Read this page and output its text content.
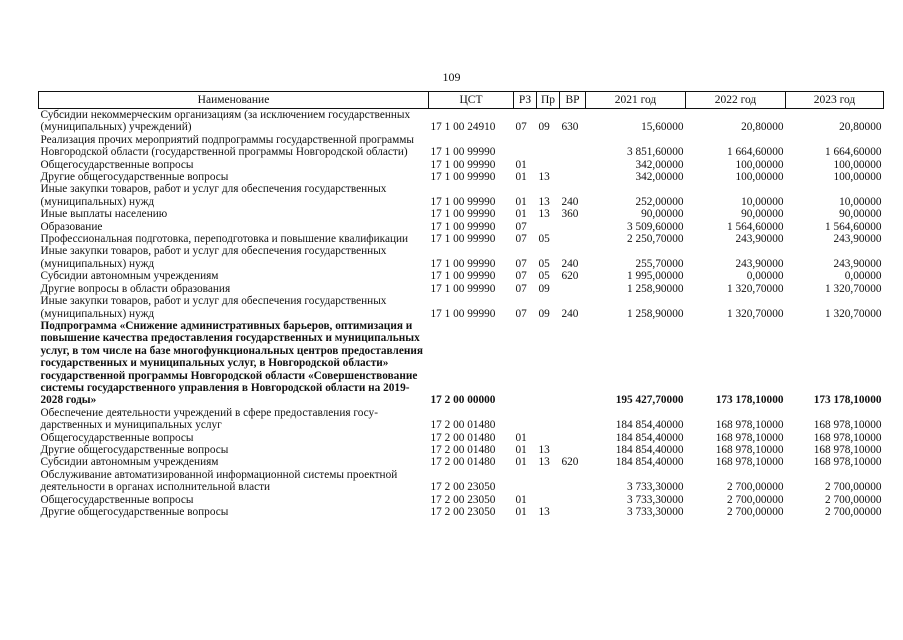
109
Наименование	ЦСТ	РЗ	Пр	ВР	2021 год	2022 год	2023 год
Субсидии некоммерческим организациям (за исключением государственных (муниципальных) учреждений)	17 1 00 24910	07	09	630	15,60000	20,80000	20,80000
Реализация прочих мероприятий подпрограммы государственной программы Новгородской области (государственной программы Новгородской области)	17 1 00 99990				3 851,60000	1 664,60000	1 664,60000
Общегосударственные вопросы	17 1 00 99990	01			342,00000	100,00000	100,00000
Другие общегосударственные вопросы	17 1 00 99990	01	13		342,00000	100,00000	100,00000
Иные закупки товаров, работ и услуг для обеспечения государственных (муниципальных) нужд	17 1 00 99990	01	13	240	252,00000	10,00000	10,00000
Иные выплаты населению	17 1 00 99990	01	13	360	90,00000	90,00000	90,00000
Образование	17 1 00 99990	07			3 509,60000	1 564,60000	1 564,60000
Профессиональная подготовка, переподготовка и повышение квалификации	17 1 00 99990	07	05		2 250,70000	243,90000	243,90000
Иные закупки товаров, работ и услуг для обеспечения государственных (муниципальных) нужд	17 1 00 99990	07	05	240	255,70000	243,90000	243,90000
Субсидии автономным учреждениям	17 1 00 99990	07	05	620	1 995,00000	0,00000	0,00000
Другие вопросы в области образования	17 1 00 99990	07	09		1 258,90000	1 320,70000	1 320,70000
Иные закупки товаров, работ и услуг для обеспечения государственных (муниципальных) нужд	17 1 00 99990	07	09	240	1 258,90000	1 320,70000	1 320,70000
Подпрограмма «Снижение административных барьеров, оптимизация и повышение качества предоставления государственных и муниципальных услуг, в том числе на базе многофункциональных центров предоставления государственных и муниципальных услуг, в Новгородской области» государственной программы Новгородской области «Совершенствование системы государственного управления в Новгородской области на 2019-2028 годы»	17 2 00 00000				195 427,70000	173 178,10000	173 178,10000
Обеспечение деятельности учреждений в сфере предоставления государственных и муниципальных услуг	17 2 00 01480				184 854,40000	168 978,10000	168 978,10000
Общегосударственные вопросы	17 2 00 01480	01			184 854,40000	168 978,10000	168 978,10000
Другие общегосударственные вопросы	17 2 00 01480	01	13		184 854,40000	168 978,10000	168 978,10000
Субсидии автономным учреждениям	17 2 00 01480	01	13	620	184 854,40000	168 978,10000	168 978,10000
Обслуживание автоматизированной информационной системы проектной деятельности в органах исполнительной власти	17 2 00 23050				3 733,30000	2 700,00000	2 700,00000
Общегосударственные вопросы	17 2 00 23050	01			3 733,30000	2 700,00000	2 700,00000
Другие общегосударственные вопросы	17 2 00 23050	01	13		3 733,30000	2 700,00000	2 700,00000
